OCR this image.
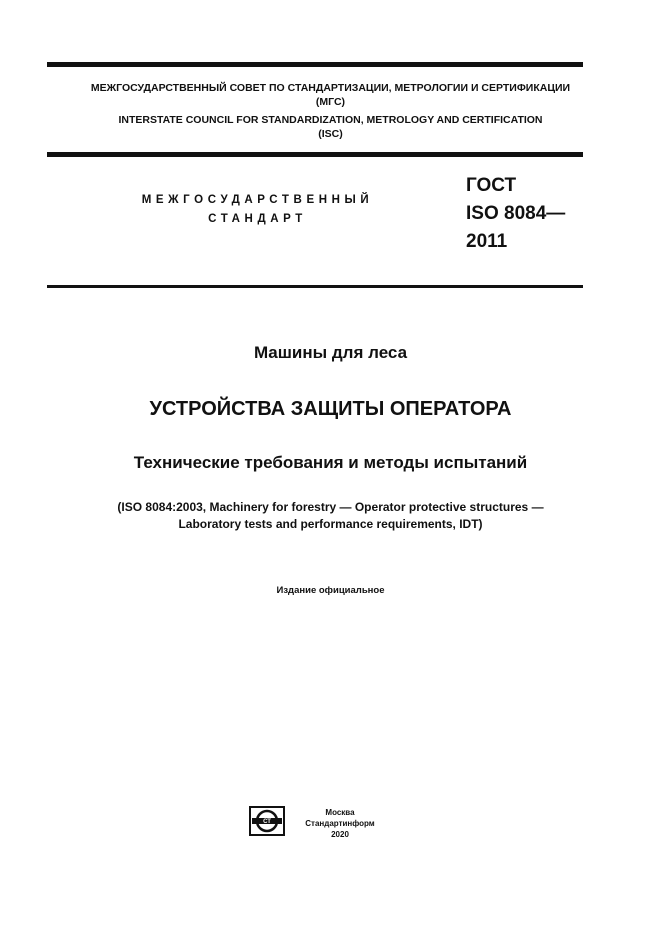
МЕЖГОСУДАРСТВЕННЫЙ СОВЕТ ПО СТАНДАРТИЗАЦИИ, МЕТРОЛОГИИ И СЕРТИФИКАЦИИ
(МГС)
INTERSTATE COUNCIL FOR STANDARDIZATION, METROLOGY AND CERTIFICATION
(ISC)
МЕЖГОСУДАРСТВЕННЫЙ
СТАНДАРТ
ГОСТ
ISO 8084—
2011
Машины для леса
УСТРОЙСТВА ЗАЩИТЫ ОПЕРАТОРА
Технические требования и методы испытаний
(ISO 8084:2003, Machinery for forestry — Operator protective structures —
Laboratory tests and performance requirements, IDT)
Издание официальное
СТ
Москва
Стандартинформ
2020
